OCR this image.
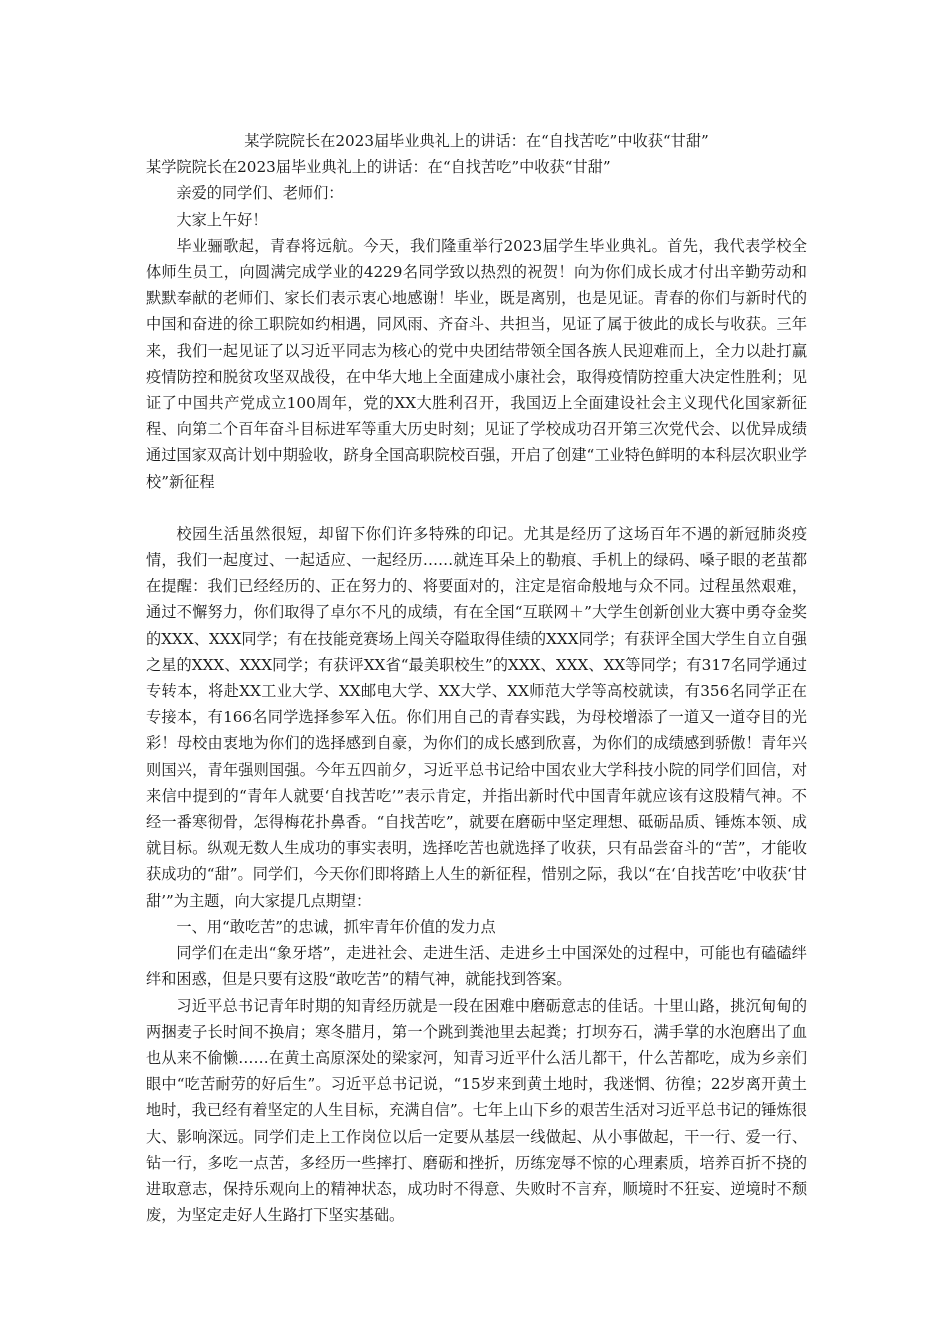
某学院院长在2023届毕业典礼上的讲话：在“自找苦吃”中收获“甘甜”

某学院院长在2023届毕业典礼上的讲话：在“自找苦吃”中收获“甘甜”

亲爱的同学们、老师们：

大家上午好！

毕业骊歌起，青春将远航。今天，我们隆重举行2023届学生毕业典礼。首先，我代表学校全体师生员工，向圆满完成学业的4229名同学致以热烈的祝贺！向为你们成长成才付出辛勤劳动和默默奉献的老师们、家长们表示衷心地感谢！毕业，既是离别，也是见证。青春的你们与新时代的中国和奋进的徐工职院如约相遇，同风雨、齐奋斗、共担当，见证了属于彼此的成长与收获。三年来，我们一起见证了以习近平同志为核心的党中央团结带领全国各族人民迎难而上，全力以赴打赢疫情防控和脱贫攻坚双战役，在中华大地上全面建成小康社会，取得疫情防控重大决定性胜利；见证了中国共产党成立100周年，党的XX大胜利召开，我国迈上全面建设社会主义现代化国家新征程、向第二个百年奋斗目标进军等重大历史时刻；见证了学校成功召开第三次党代会、以优异成绩通过国家双高计划中期验收，跻身全国高职院校百强，开启了创建“工业特色鲜明的本科层次职业学校”新征程

校园生活虽然很短，却留下你们许多特殊的印记。尤其是经历了这场百年不遇的新冠肺炎疫情，我们一起度过、一起适应、一起经历……就连耳朵上的勒痕、手机上的绿码、嗓子眼的老茧都在提醒：我们已经经历的、正在努力的、将要面对的，注定是宿命般地与众不同。过程虽然艰难，通过不懈努力，你们取得了卓尔不凡的成绩，有在全国“互联网＋”大学生创新创业大赛中勇夺金奖的XXX、XXX同学；有在技能竞赛场上闯关夺隘取得佳绩的XXX同学；有获评全国大学生自立自强之星的XXX、XXX同学；有获评XX省“最美职校生”的XXX、XXX、XX等同学；有317名同学通过专转本，将赴XX工业大学、XX邮电大学、XX大学、XX师范大学等高校就读，有356名同学正在专接本，有166名同学选择参军入伍。你们用自己的青春实践，为母校增添了一道又一道夺目的光彩！母校由衷地为你们的选择感到自豪，为你们的成长感到欣喜，为你们的成绩感到骄傲！青年兴则国兴，青年强则国强。今年五四前夕，习近平总书记给中国农业大学科技小院的同学们回信，对来信中提到的“青年人就要‘自找苦吃’”表示肯定，并指出新时代中国青年就应该有这股精气神。不经一番寒彻骨，怎得梅花扑鼻香。“自找苦吃”，就要在磨砺中坚定理想、砥砺品质、锤炼本领、成就目标。纵观无数人生成功的事实表明，选择吃苦也就选择了收获，只有品尝奋斗的“苦”，才能收获成功的“甜”。同学们，今天你们即将踏上人生的新征程，惜别之际，我以“在‘自找苦吃’中收获‘甘甜’”为主题，向大家提几点期望：

一、用“敢吃苦”的忠诚，抓牢青年价值的发力点

同学们在走出“象牙塔”，走进社会、走进生活、走进乡土中国深处的过程中，可能也有磕磕绊绊和困惑，但是只要有这股“敢吃苦”的精气神，就能找到答案。

习近平总书记青年时期的知青经历就是一段在困难中磨砺意志的佳话。十里山路，挑沉甸甸的两捆麦子长时间不换肩；寒冬腊月，第一个跳到粪池里去起粪；打坝夯石，满手掌的水泡磨出了血也从来不偷懒……在黄土高原深处的梁家河，知青习近平什么活儿都干，什么苦都吃，成为乡亲们眼中“吃苦耐劳的好后生”。习近平总书记说，“15岁来到黄土地时，我迷惘、彷徨；22岁离开黄土地时，我已经有着坚定的人生目标，充满自信”。七年上山下乡的艰苦生活对习近平总书记的锤炼很大、影响深远。同学们走上工作岗位以后一定要从基层一线做起、从小事做起，干一行、爱一行、钻一行，多吃一点苦，多经历一些摔打、磨砺和挫折，历练宠辱不惊的心理素质，培养百折不挠的进取意志，保持乐观向上的精神状态，成功时不得意、失败时不言弃，顺境时不狂妄、逆境时不颓废，为坚定走好人生路打下坚实基础。
